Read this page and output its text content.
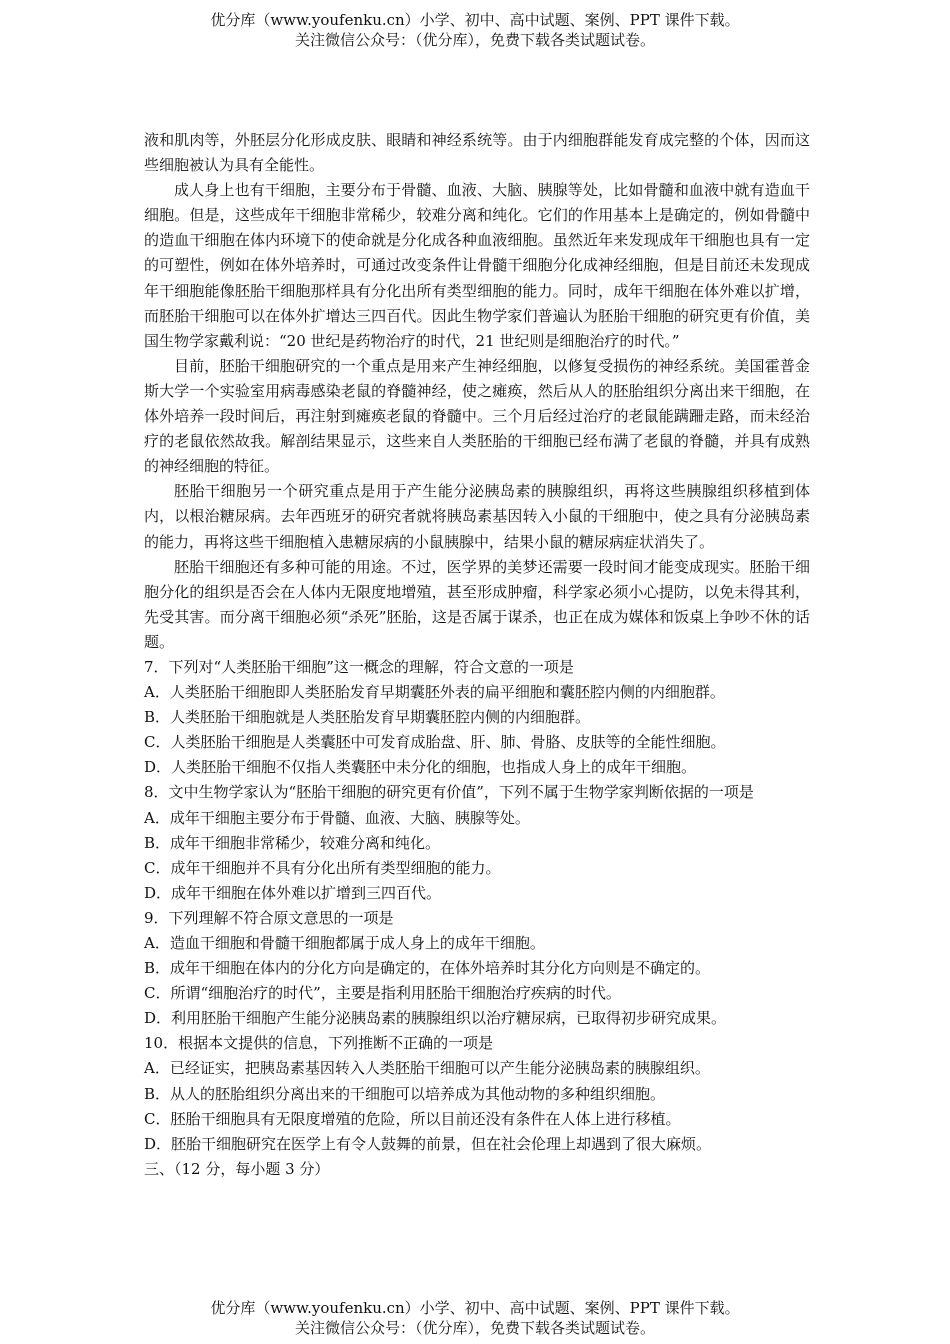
优分库（www.youfenku.cn）小学、初中、高中试题、案例、PPT 课件下载。
关注微信公众号：（优分库），免费下载各类试题试卷。

液和肌肉等，外胚层分化形成皮肤、眼睛和神经系统等。由于内细胞群能发育成完整的个体，因而这些细胞被认为具有全能性。

成人身上也有干细胞，主要分布于骨髓、血液、大脑、胰腺等处，比如骨髓和血液中就有造血干细胞。但是，这些成年干细胞非常稀少，较难分离和纯化。它们的作用基本上是确定的，例如骨髓中的造血干细胞在体内环境下的使命就是分化成各种血液细胞。虽然近年来发现成年干细胞也具有一定的可塑性，例如在体外培养时，可通过改变条件让骨髓干细胞分化成神经细胞，但是目前还未发现成年干细胞能像胚胎干细胞那样具有分化出所有类型细胞的能力。同时，成年干细胞在体外难以扩增，而胚胎干细胞可以在体外扩增达三四百代。因此生物学家们普遍认为胚胎干细胞的研究更有价值，美国生物学家戴利说：“20 世纪是药物治疗的时代，21 世纪则是细胞治疗的时代。”

目前，胚胎干细胞研究的一个重点是用来产生神经细胞，以修复受损伤的神经系统。美国霍普金斯大学一个实验室用病毒感染老鼠的脊髓神经，使之瘫痪，然后从人的胚胎组织分离出来干细胞，在体外培养一段时间后，再注射到瘫痪老鼠的脊髓中。三个月后经过治疗的老鼠能蹒跚走路，而未经治疗的老鼠依然故我。解剖结果显示，这些来自人类胚胎的干细胞已经布满了老鼠的脊髓，并具有成熟的神经细胞的特征。

胚胎干细胞另一个研究重点是用于产生能分泌胰岛素的胰腺组织，再将这些胰腺组织移植到体内，以根治糖尿病。去年西班牙的研究者就将胰岛素基因转入小鼠的干细胞中，使之具有分泌胰岛素的能力，再将这些干细胞植入患糖尿病的小鼠胰腺中，结果小鼠的糖尿病症状消失了。

胚胎干细胞还有多种可能的用途。不过，医学界的美梦还需要一段时间才能变成现实。胚胎干细胞分化的组织是否会在人体内无限度地增殖，甚至形成肿瘤，科学家必须小心提防，以免未得其利，先受其害。而分离干细胞必须“杀死”胚胎，这是否属于谋杀，也正在成为媒体和饭桌上争吵不休的话题。

7．下列对“人类胚胎干细胞”这一概念的理解，符合文意的一项是

A．人类胚胎干细胞即人类胚胎发育早期囊胚外表的扁平细胞和囊胚腔内侧的内细胞群。

B．人类胚胎干细胞就是人类胚胎发育早期囊胚腔内侧的内细胞群。

C．人类胚胎干细胞是人类囊胚中可发育成胎盘、肝、肺、骨胳、皮肤等的全能性细胞。

D．人类胚胎干细胞不仅指人类囊胚中未分化的细胞，也指成人身上的成年干细胞。

8．文中生物学家认为“胚胎干细胞的研究更有价值”，下列不属于生物学家判断依据的一项是

A．成年干细胞主要分布于骨髓、血液、大脑、胰腺等处。

B．成年干细胞非常稀少，较难分离和纯化。

C．成年干细胞并不具有分化出所有类型细胞的能力。

D．成年干细胞在体外难以扩增到三四百代。

9．下列理解不符合原文意思的一项是

A．造血干细胞和骨髓干细胞都属于成人身上的成年干细胞。

B．成年干细胞在体内的分化方向是确定的，在体外培养时其分化方向则是不确定的。

C．所谓“细胞治疗的时代”，主要是指利用胚胎干细胞治疗疾病的时代。

D．利用胚胎干细胞产生能分泌胰岛素的胰腺组织以治疗糖尿病，已取得初步研究成果。

10．根据本文提供的信息，下列推断不正确的一项是

A．已经证实，把胰岛素基因转入人类胚胎干细胞可以产生能分泌胰岛素的胰腺组织。

B．从人的胚胎组织分离出来的干细胞可以培养成为其他动物的多种组织细胞。

C．胚胎干细胞具有无限度增殖的危险，所以目前还没有条件在人体上进行移植。

D．胚胎干细胞研究在医学上有令人鼓舞的前景，但在社会伦理上却遇到了很大麻烦。

三、（12 分，每小题 3 分）

优分库（www.youfenku.cn）小学、初中、高中试题、案例、PPT 课件下载。
关注微信公众号：（优分库），免费下载各类试题试卷。
